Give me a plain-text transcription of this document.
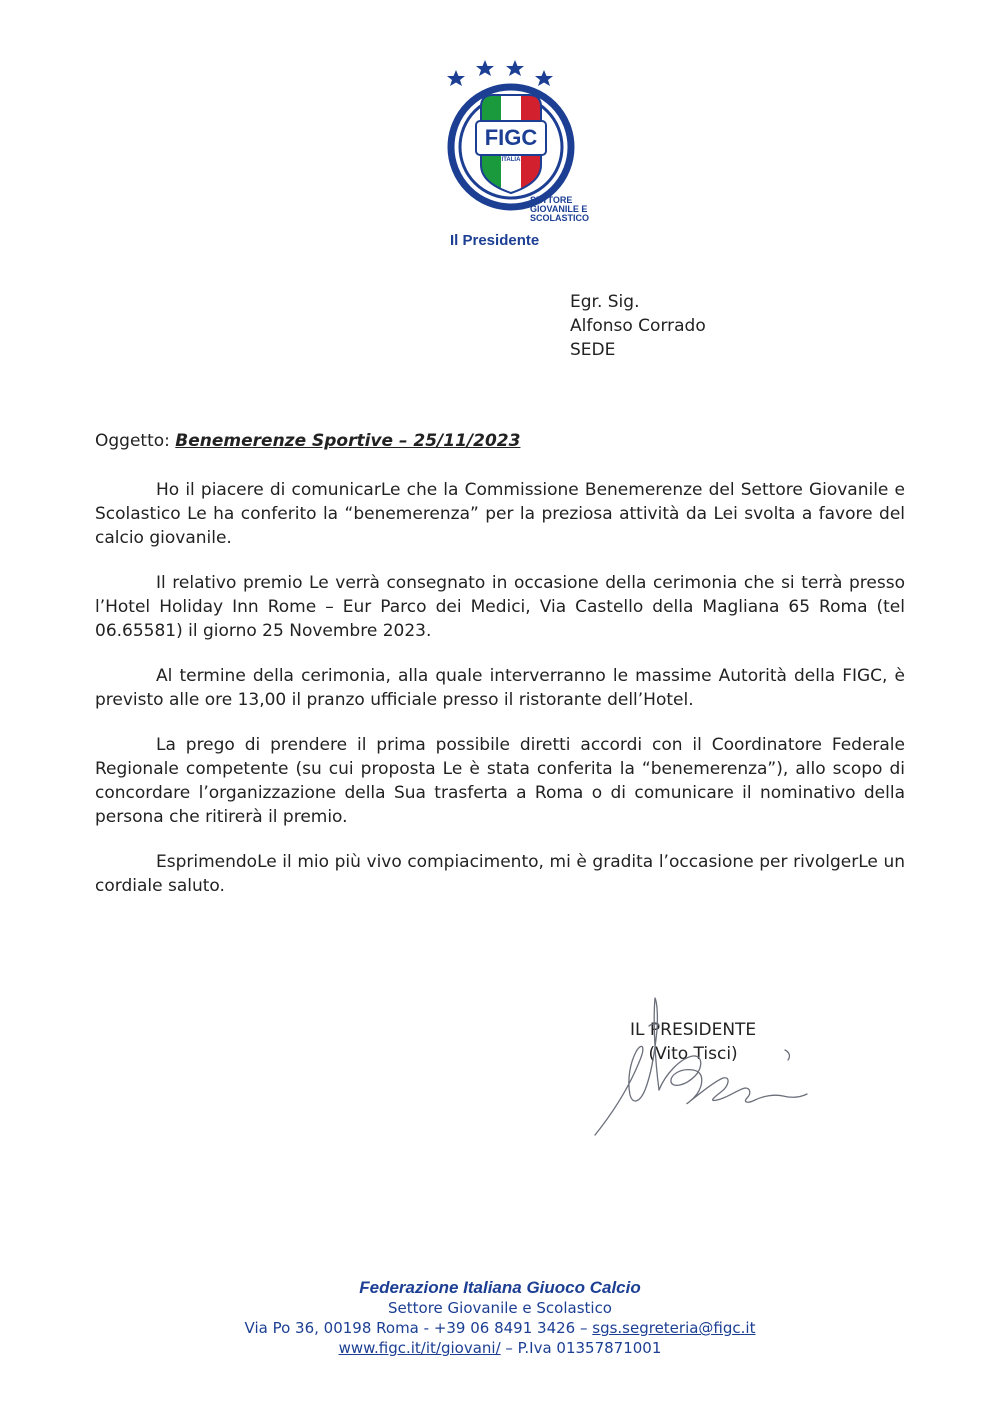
FIGC
ITALIA
SETTORE
GIOVANILE E
SCOLASTICO
Il Presidente
Egr. Sig.
Alfonso Corrado
SEDE
Oggetto: Benemerenze Sportive – 25/11/2023

Ho il piacere di comunicarLe che la Commissione Benemerenze del Settore Giovanile e Scolastico Le ha conferito la “benemerenza” per la preziosa attività da Lei svolta a favore del calcio giovanile.

Il relativo premio Le verrà consegnato in occasione della cerimonia che si terrà presso l’Hotel Holiday Inn Rome – Eur Parco dei Medici, Via Castello della Magliana 65 Roma (tel 06.65581) il giorno 25 Novembre 2023.

Al termine della cerimonia, alla quale interverranno le massime Autorità della FIGC, è previsto alle ore 13,00 il pranzo ufficiale presso il ristorante dell’Hotel.

La prego di prendere il prima possibile diretti accordi con il Coordinatore Federale Regionale competente (su cui proposta Le è stata conferita la “benemerenza”), allo scopo di concordare l’organizzazione della Sua trasferta a Roma o di comunicare il nominativo della persona che ritirerà il premio.

EsprimendoLe il mio più vivo compiacimento, mi è gradita l’occasione per rivolgerLe un cordiale saluto.

IL PRESIDENTE
(Vito Tisci)
Federazione Italiana Giuoco Calcio
Settore Giovanile e Scolastico
Via Po 36, 00198 Roma - +39 06 8491 3426 – sgs.segreteria@figc.it
www.figc.it/it/giovani/ – P.Iva 01357871001
